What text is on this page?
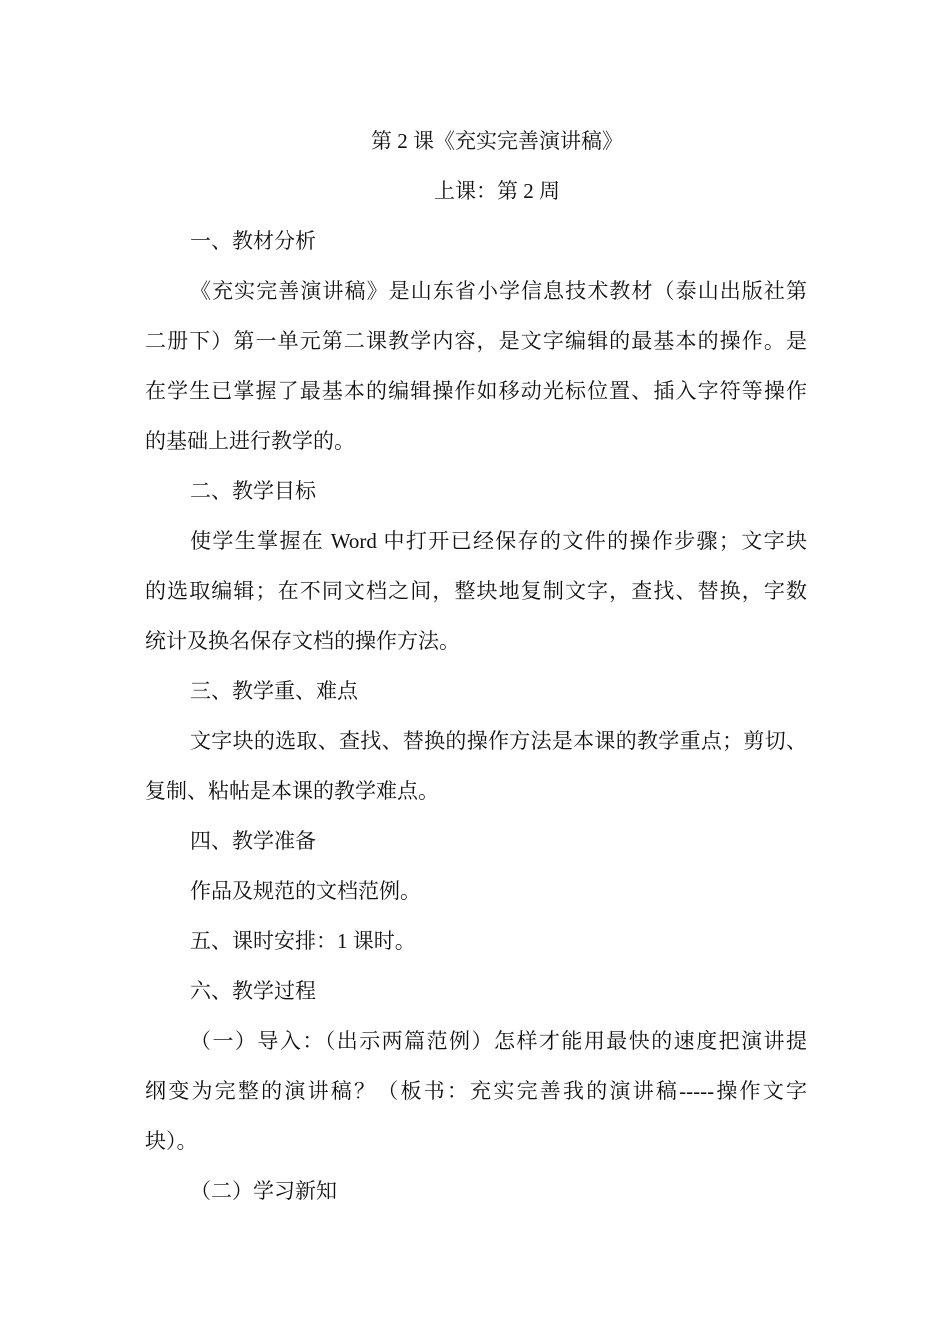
第 2 课《充实完善演讲稿》
上课：第 2 周
一、教材分析
《充实完善演讲稿》是山东省小学信息技术教材（泰山出版社第
二册下）第一单元第二课教学内容，是文字编辑的最基本的操作。是
在学生已掌握了最基本的编辑操作如移动光标位置、插入字符等操作
的基础上进行教学的。
二、教学目标
使学生掌握在 Word 中打开已经保存的文件的操作步骤；文字块
的选取编辑；在不同文档之间，整块地复制文字，查找、替换，字数
统计及换名保存文档的操作方法。
三、教学重、难点
文字块的选取、查找、替换的操作方法是本课的教学重点；剪切、
复制、粘帖是本课的教学难点。
四、教学准备
作品及规范的文档范例。
五、课时安排：1 课时。
六、教学过程
（一）导入：（出示两篇范例）怎样才能用最快的速度把演讲提
纲变为完整的演讲稿？（板书：充实完善我的演讲稿-----操作文字
块）。
（二）学习新知
